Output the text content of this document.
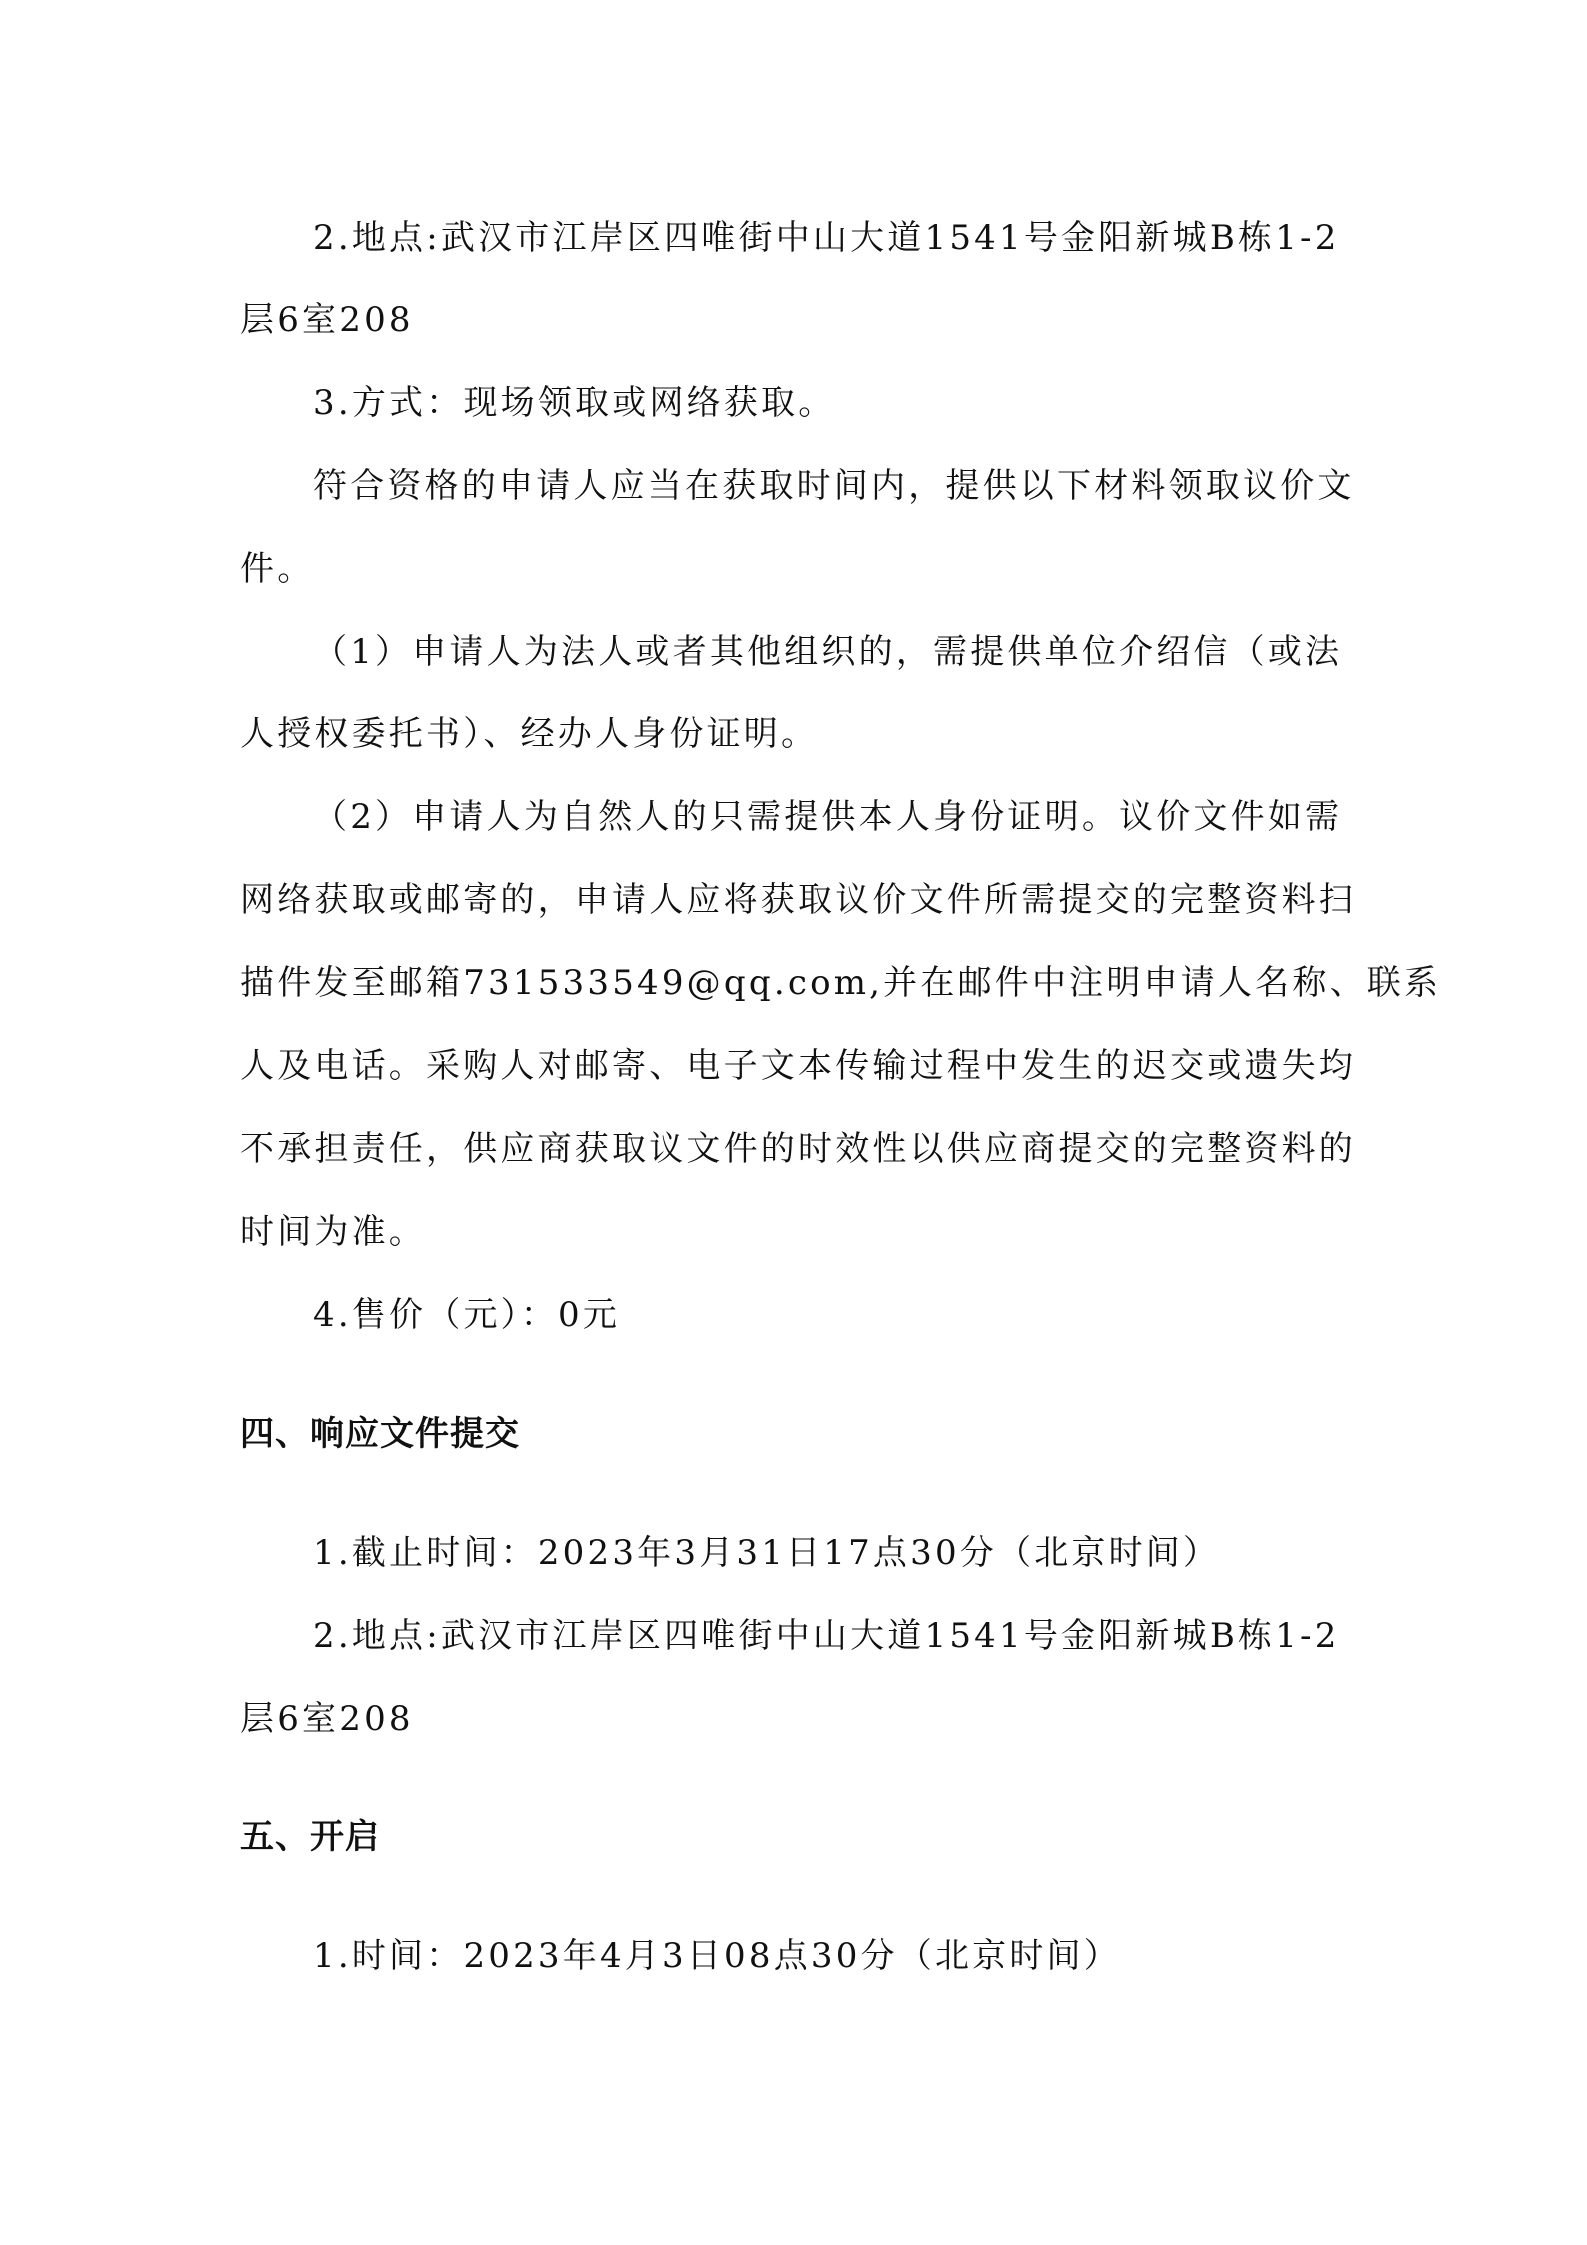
2.地点:武汉市江岸区四唯街中山大道1541号金阳新城B栋1-2
层6室208
3.方式：现场领取或网络获取。
符合资格的申请人应当在获取时间内，提供以下材料领取议价文
件。
（1）申请人为法人或者其他组织的，需提供单位介绍信（或法
人授权委托书）、经办人身份证明。
（2）申请人为自然人的只需提供本人身份证明。议价文件如需
网络获取或邮寄的，申请人应将获取议价文件所需提交的完整资料扫
描件发至邮箱731533549@qq.com,并在邮件中注明申请人名称、联系
人及电话。采购人对邮寄、电子文本传输过程中发生的迟交或遗失均
不承担责任，供应商获取议文件的时效性以供应商提交的完整资料的
时间为准。
4.售价（元）：0元
四、响应文件提交
1.截止时间：2023年3月31日17点30分（北京时间）
2.地点:武汉市江岸区四唯街中山大道1541号金阳新城B栋1-2
层6室208
五、开启
1.时间：2023年4月3日08点30分（北京时间）
